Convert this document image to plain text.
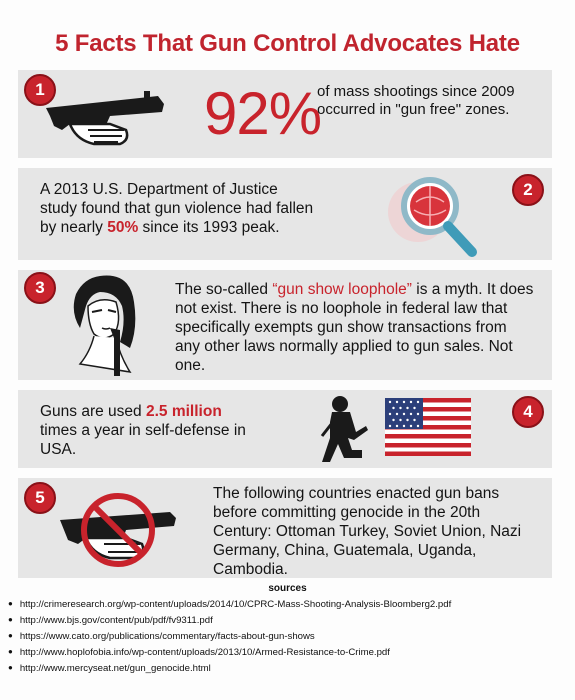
5 Facts That Gun Control Advocates Hate
1	92%
of mass shootings since 2009 occurred in "gun free" zones.
2
A 2013 U.S. Department of Justice study found that gun violence had fallen by nearly 50% since its 1993 peak.
3	The so-called “gun show loophole” is a myth. It does not exist. There is no loophole in federal law that specifically exempts gun show transactions from any other laws normally applied to gun sales. Not one.
4
Guns are used 2.5 million times a year in self-defense in USA.
5	The following countries enacted gun bans before committing genocide in the 20th Century: Ottoman Turkey, Soviet Union, Nazi Germany, China, Guatemala, Uganda, Cambodia.
sources
● http://crimeresearch.org/wp-content/uploads/2014/10/CPRC-Mass-Shooting-Analysis-Bloomberg2.pdf
● http://www.bjs.gov/content/pub/pdf/fv9311.pdf
● https://www.cato.org/publications/commentary/facts-about-gun-shows
● http://www.hoplofobia.info/wp-content/uploads/2013/10/Armed-Resistance-to-Crime.pdf
● http://www.mercyseat.net/gun_genocide.html
